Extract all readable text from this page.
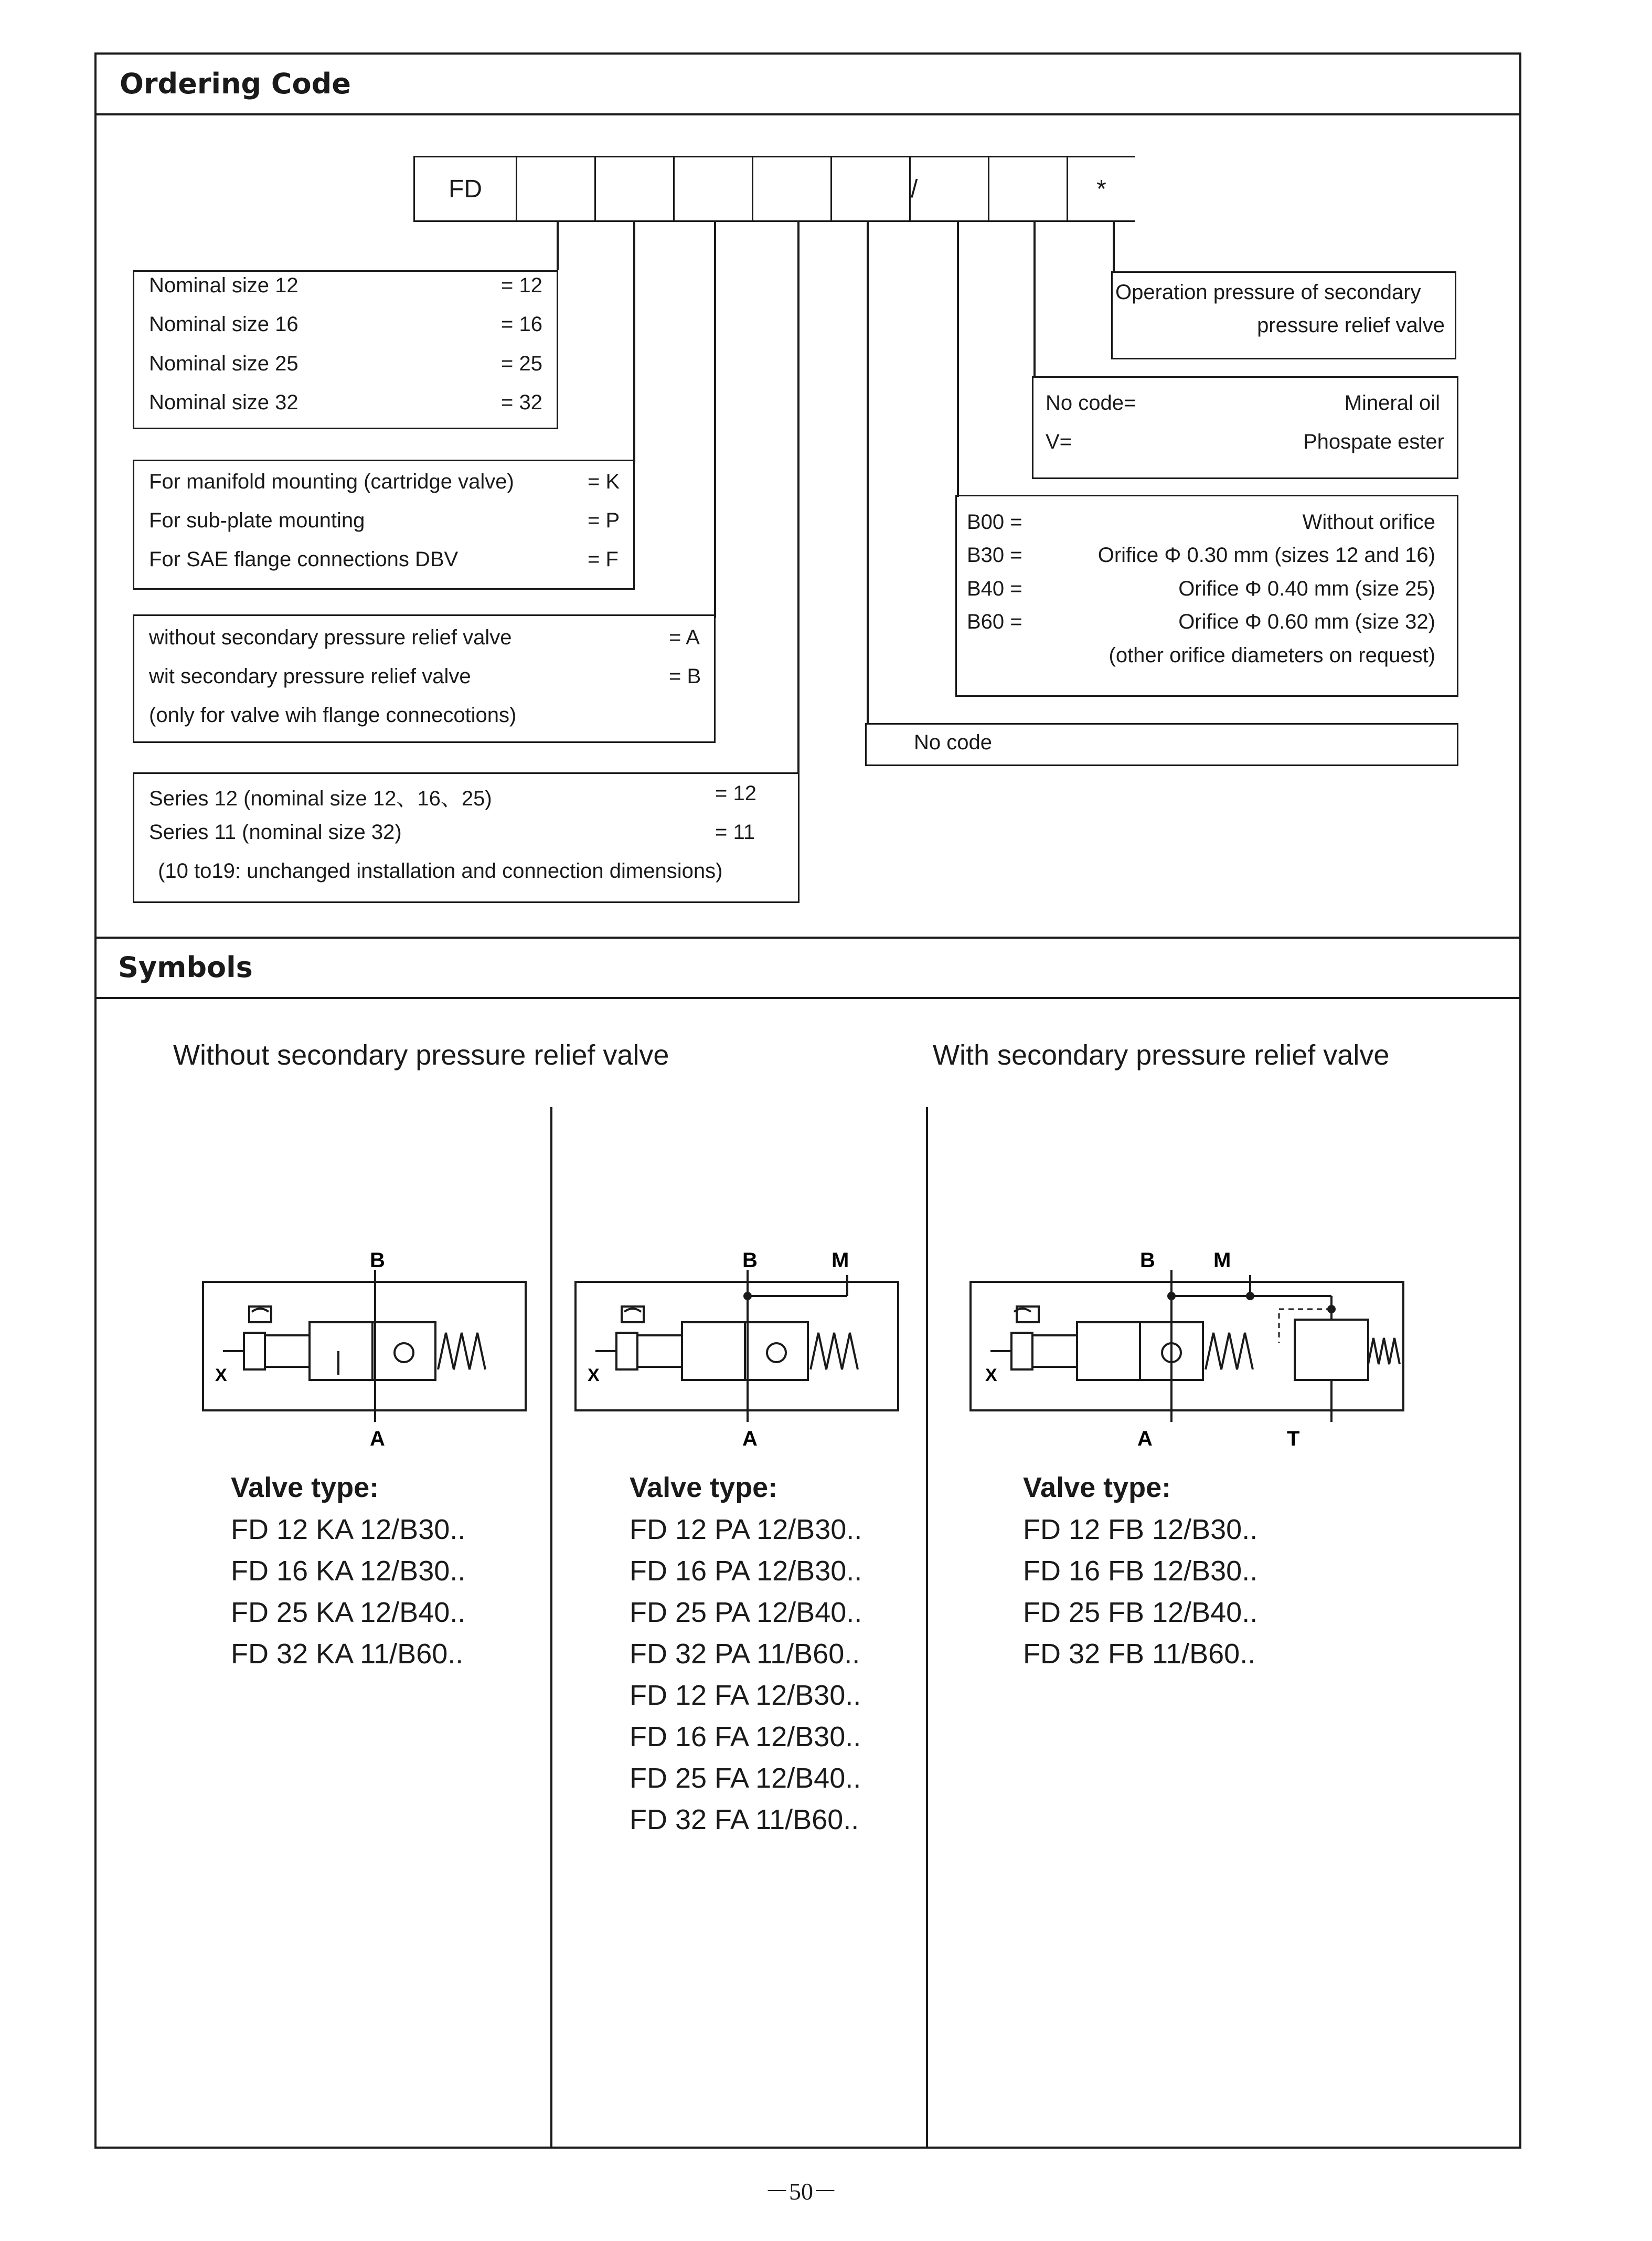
Ordering Code
Symbols
FD	/	*
Nominal size 12	= 12
Nominal size 16	= 16
Nominal size 25	= 25
Nominal size 32	= 32
For manifold mounting (cartridge valve)	= K
For sub-plate mounting	= P
For SAE flange connections DBV	= F
without secondary pressure relief valve	= A
wit secondary pressure relief valve	= B
(only for valve wih flange connecotions)
Series 12 (nominal size 12、16、25)	= 12
Series 11 (nominal size 32)	= 11
(10 to19: unchanged installation and connection dimensions)
Operation pressure of secondary
pressure relief valve
No code=	Mineral oil
V=	Phospate ester
B00 =	Without orifice
B30 =	Orifice Φ 0.30 mm (sizes 12 and 16)
B40 =	Orifice Φ 0.40 mm (size 25)
B60 =	Orifice Φ 0.60 mm (size 32)
(other orifice diameters on request)
No code
Without secondary pressure relief valve	With secondary pressure relief valve
B
A
X
B	M
A
X
B	M
A	T
X
Valve type:
FD 12 KA 12/B30..
FD 16 KA 12/B30..
FD 25 KA 12/B40..
FD 32 KA 11/B60..
Valve type:
FD 12 PA 12/B30..
FD 16 PA 12/B30..
FD 25 PA 12/B40..
FD 32 PA 11/B60..
FD 12 FA 12/B30..
FD 16 FA 12/B30..
FD 25 FA 12/B40..
FD 32 FA 11/B60..
Valve type:
FD 12 FB 12/B30..
FD 16 FB 12/B30..
FD 25 FB 12/B40..
FD 32 FB 11/B60..
－50－
